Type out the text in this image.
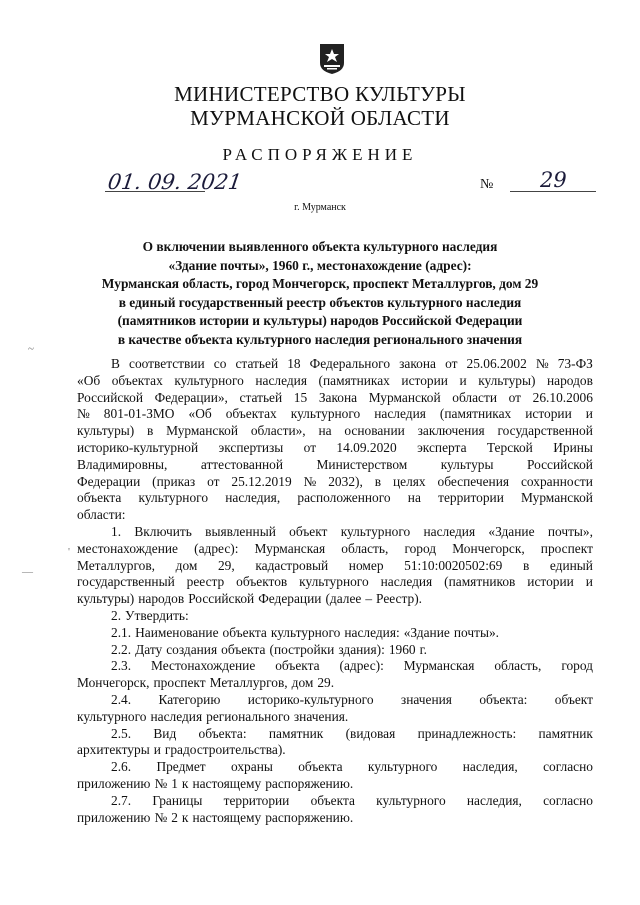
МИНИСТЕРСТВО КУЛЬТУРЫ
МУРМАНСКОЙ ОБЛАСТИ
РАСПОРЯЖЕНИЕ
01. 09. 2021	№ 29
г. Мурманск
О включении выявленного объекта культурного наследия
«Здание почты», 1960 г., местонахождение (адрес):
Мурманская область, город Мончегорск, проспект Металлургов, дом 29
в единый государственный реестр объектов культурного наследия
(памятников истории и культуры) народов Российской Федерации
в качестве объекта культурного наследия регионального значения
В соответствии со статьей 18 Федерального закона от 25.06.2002 № 73-ФЗ
«Об объектах культурного наследия (памятниках истории и культуры) народов
Российской Федерации», статьей 15 Закона Мурманской области от 26.10.2006
№ 801-01-ЗМО «Об объектах культурного наследия (памятниках истории и
культуры) в Мурманской области», на основании заключения государственной
историко-культурной экспертизы от 14.09.2020 эксперта Терской Ирины
Владимировны, аттестованной Министерством культуры Российской
Федерации (приказ от 25.12.2019 № 2032), в целях обеспечения сохранности
объекта культурного наследия, расположенного на территории Мурманской
области:
1. Включить выявленный объект культурного наследия «Здание почты»,
местонахождение (адрес): Мурманская область, город Мончегорск, проспект
Металлургов, дом 29, кадастровый номер 51:10:0020502:69 в единый
государственный реестр объектов культурного наследия (памятников истории и
культуры) народов Российской Федерации (далее – Реестр).
2. Утвердить:
2.1. Наименование объекта культурного наследия: «Здание почты».
2.2. Дату создания объекта (постройки здания): 1960 г.
2.3. Местонахождение объекта (адрес): Мурманская область, город
Мончегорск, проспект Металлургов, дом 29.
2.4. Категорию историко-культурного значения объекта: объект
культурного наследия регионального значения.
2.5. Вид объекта: памятник (видовая принадлежность: памятник
архитектуры и градостроительства).
2.6. Предмет охраны объекта культурного наследия, согласно
приложению № 1 к настоящему распоряжению.
2.7. Границы территории объекта культурного наследия, согласно
приложению № 2 к настоящему распоряжению.
~
—
'
